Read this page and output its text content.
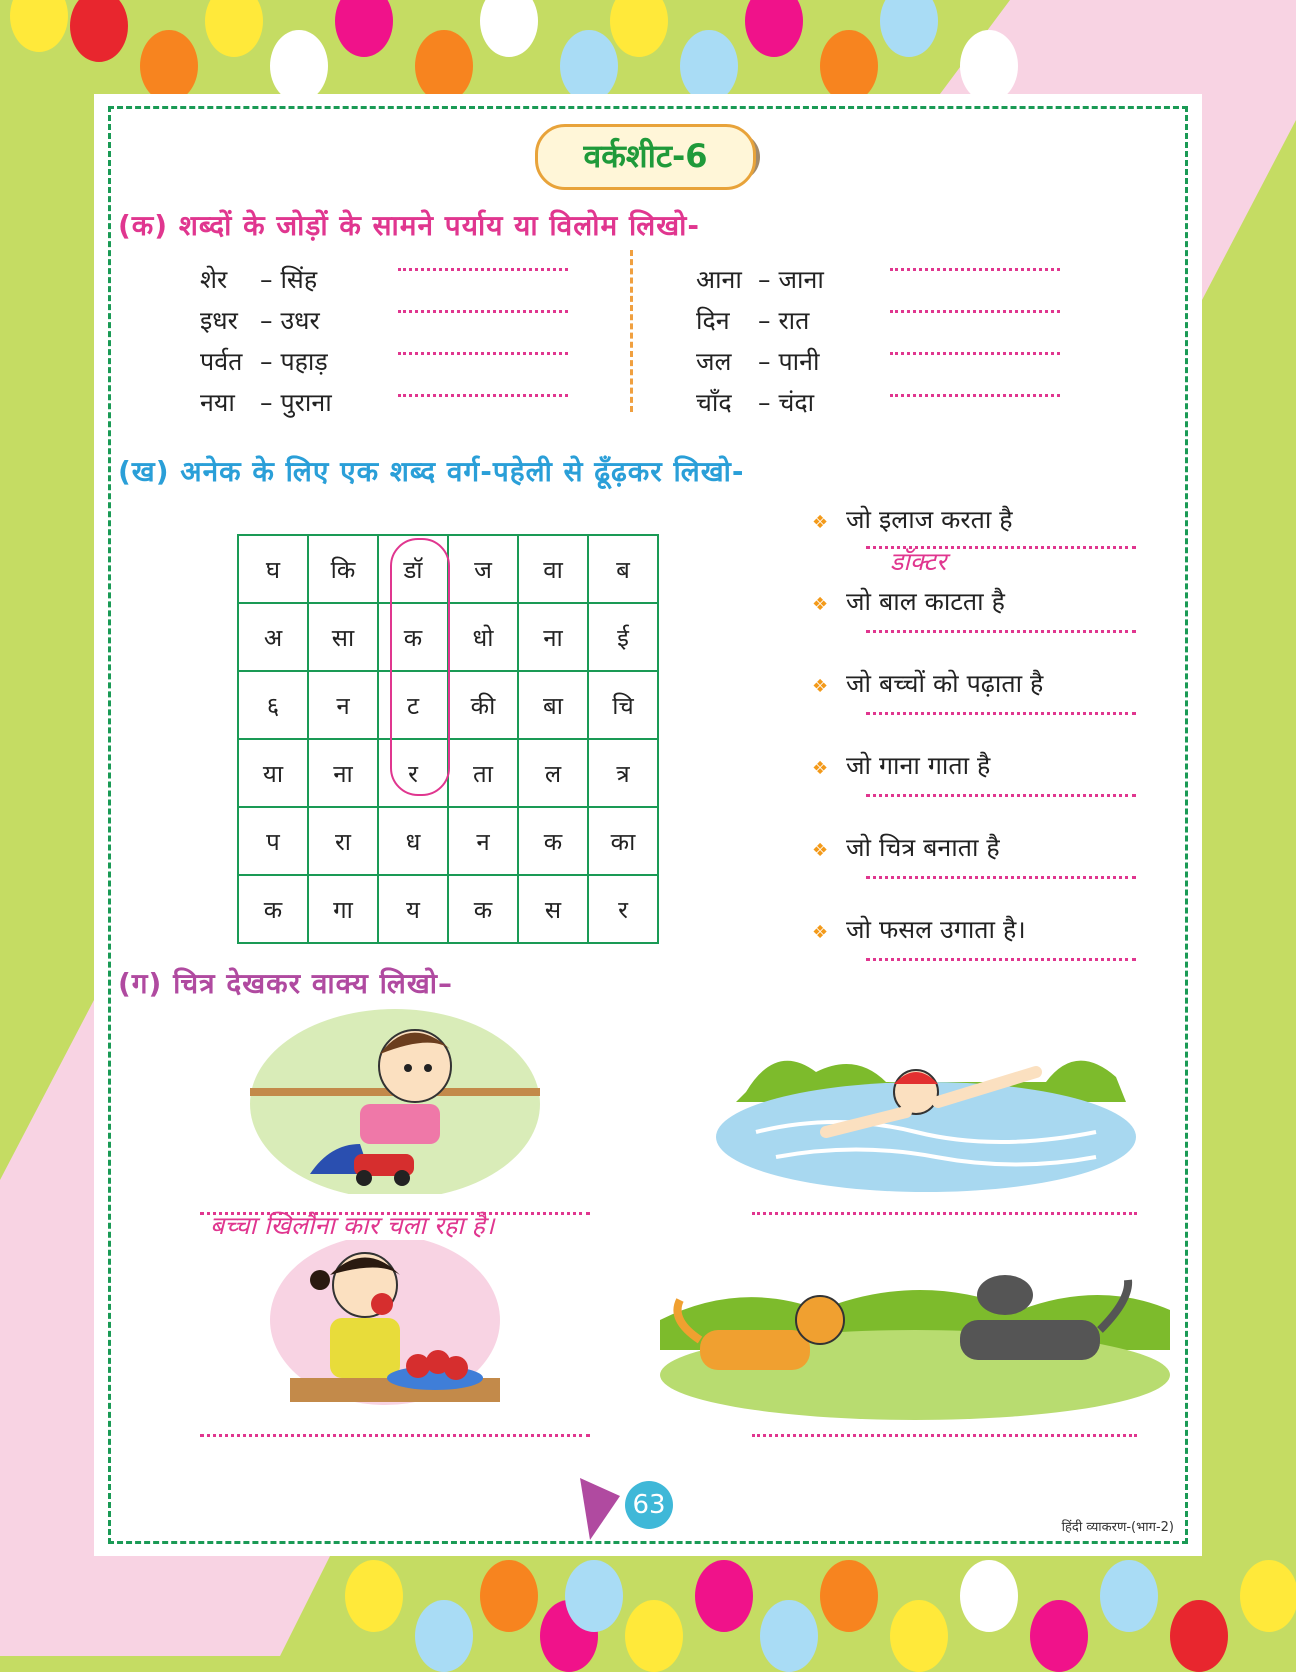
वर्कशीट-6
(क) शब्दों के जोड़ों के सामने पर्याय या विलोम लिखो-
शेर – सिंह
इधर – उधर
पर्वत – पहाड़
नया – पुराना
आना – जाना
दिन – रात
जल – पानी
चाँद – चंदा
(ख) अनेक के लिए एक शब्द वर्ग-पहेली से ढूँढ़कर लिखो-
घ	कि	डॉ	ज	वा	ब
अ	सा	क	धो	ना	ई
६	न	ट	की	बा	चि
या	ना	र	ता	ल	त्र
प	रा	ध	न	क	का
क	गा	य	क	स	र
❖ जो इलाज करता है
डॉक्टर
❖ जो बाल काटता है
❖ जो बच्चों को पढ़ाता है
❖ जो गाना गाता है
❖ जो चित्र बनाता है
❖ जो फसल उगाता है।
(ग) चित्र देखकर वाक्य लिखो–
बच्चा खिलौना कार चला रहा है।
63
हिंदी व्याकरण-(भाग-2)
